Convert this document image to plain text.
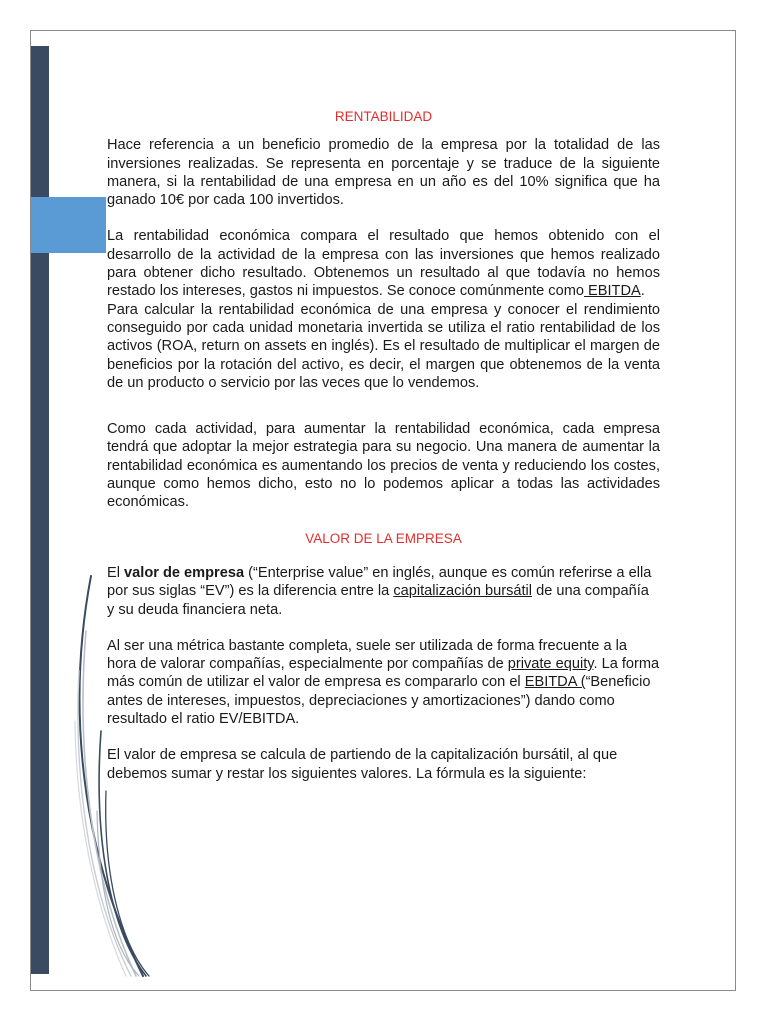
RENTABILIDAD

Hace referencia a un beneficio promedio de la empresa por la totalidad de las inversiones realizadas. Se representa en porcentaje y se traduce de la siguiente manera, si la rentabilidad de una empresa en un año es del 10% significa que ha ganado 10€ por cada 100 invertidos.

La rentabilidad económica compara el resultado que hemos obtenido con el desarrollo de la actividad de la empresa con las inversiones que hemos realizado para obtener dicho resultado. Obtenemos un resultado al que todavía no hemos restado los intereses, gastos ni impuestos. Se conoce comúnmente como EBITDA.

Para calcular la rentabilidad económica de una empresa y conocer el rendimiento conseguido por cada unidad monetaria invertida se utiliza el ratio rentabilidad de los activos (ROA, return on assets en inglés). Es el resultado de multiplicar el margen de beneficios por la rotación del activo, es decir, el margen que obtenemos de la venta de un producto o servicio por las veces que lo vendemos.

Como cada actividad, para aumentar la rentabilidad económica, cada empresa tendrá que adoptar la mejor estrategia para su negocio. Una manera de aumentar la rentabilidad económica es aumentando los precios de venta y reduciendo los costes, aunque como hemos dicho, esto no lo podemos aplicar a todas las actividades económicas.

VALOR DE LA EMPRESA

El valor de empresa (“Enterprise value” en inglés, aunque es común referirse a ella por sus siglas “EV”) es la diferencia entre la capitalización bursátil de una compañía y su deuda financiera neta.

Al ser una métrica bastante completa, suele ser utilizada de forma frecuente a la hora de valorar compañías, especialmente por compañías de private equity. La forma más común de utilizar el valor de empresa es compararlo con el EBITDA (“Beneficio antes de intereses, impuestos, depreciaciones y amortizaciones”) dando como resultado el ratio EV/EBITDA.

El valor de empresa se calcula de partiendo de la capitalización bursátil, al que debemos sumar y restar los siguientes valores. La fórmula es la siguiente:
